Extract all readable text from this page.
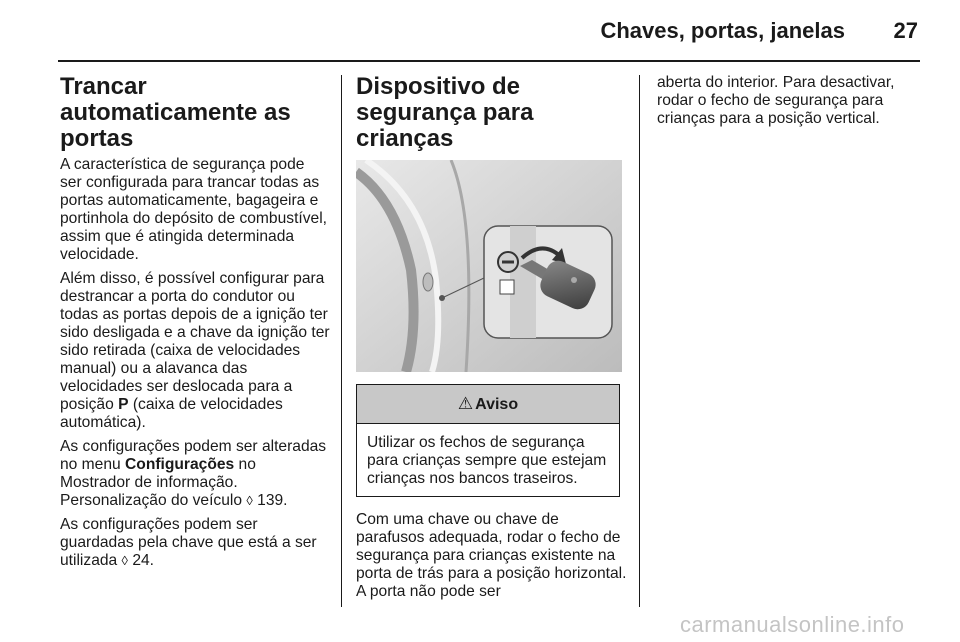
Chaves, portas, janelas 27
Trancar automaticamente as portas

A característica de segurança pode ser configurada para trancar todas as portas automaticamente, bagageira e portinhola do depósito de combustível, assim que é atingida determinada velocidade.

Além disso, é possível configurar para destrancar a porta do condutor ou todas as portas depois de a ignição ter sido desligada e a chave da ignição ter sido retirada (caixa de velocidades manual) ou a alavanca das velocidades ser deslocada para a posição P (caixa de velocidades automática).

As configurações podem ser alteradas no menu Configurações no Mostrador de informação. Personalização do veículo ◊ 139.

As configurações podem ser guardadas pela chave que está a ser utilizada ◊ 24.

Dispositivo de segurança para crianças
⚠ Aviso
Utilizar os fechos de segurança para crianças sempre que estejam crianças nos bancos traseiros.

Com uma chave ou chave de parafusos adequada, rodar o fecho de segurança para crianças existente na porta de trás para a posição horizontal. A porta não pode ser

aberta do interior. Para desactivar, rodar o fecho de segurança para crianças para a posição vertical.

carmanualsonline.info
